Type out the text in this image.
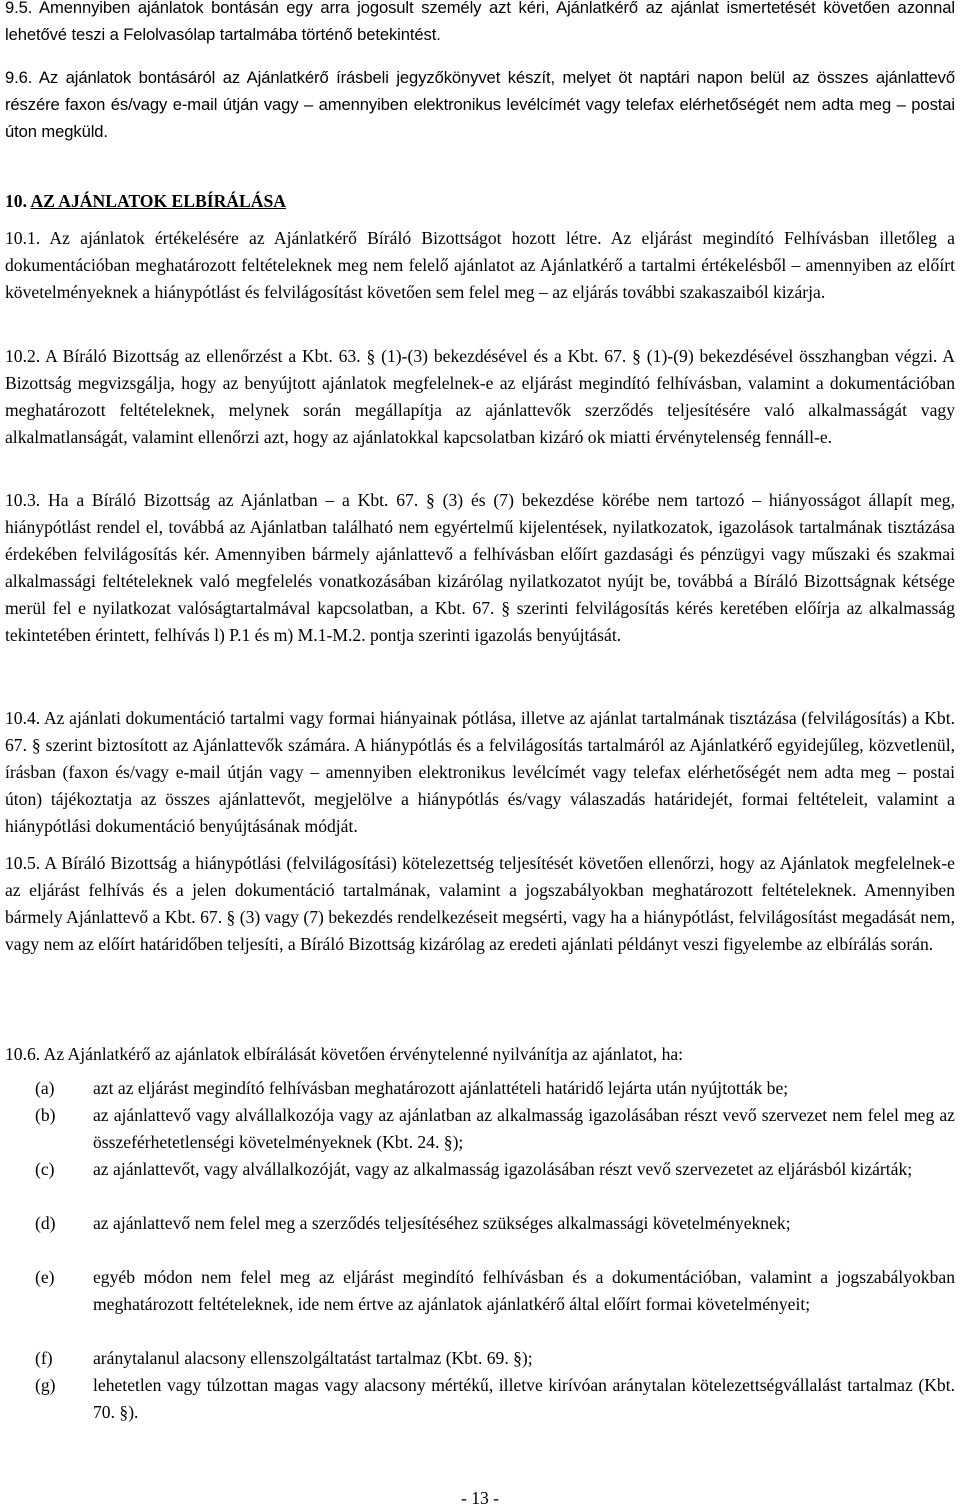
9.5. Amennyiben ajánlatok bontásán egy arra jogosult személy azt kéri, Ajánlatkérő az ajánlat ismertetését követően azonnal lehetővé teszi a Felolvasólap tartalmába történő betekintést.

9.6. Az ajánlatok bontásáról az Ajánlatkérő írásbeli jegyzőkönyvet készít, melyet öt naptári napon belül az összes ajánlattevő részére faxon és/vagy e-mail útján vagy – amennyiben elektronikus levélcímét vagy telefax elérhetőségét nem adta meg – postai úton megküld.

10. AZ AJÁNLATOK ELBÍRÁLÁSA

10.1. Az ajánlatok értékelésére az Ajánlatkérő Bíráló Bizottságot hozott létre. Az eljárást megindító Felhívásban illetőleg a dokumentációban meghatározott feltételeknek meg nem felelő ajánlatot az Ajánlatkérő a tartalmi értékelésből – amennyiben az előírt követelményeknek a hiánypótlást és felvilágosítást követően sem felel meg – az eljárás további szakaszaiból kizárja.

10.2. A Bíráló Bizottság az ellenőrzést a Kbt. 63. § (1)-(3) bekezdésével és a Kbt. 67. § (1)-(9) bekezdésével összhangban végzi. A Bizottság megvizsgálja, hogy az benyújtott ajánlatok megfelelnek-e az eljárást megindító felhívásban, valamint a dokumentációban meghatározott feltételeknek, melynek során megállapítja az ajánlattevők szerződés teljesítésére való alkalmasságát vagy alkalmatlanságát, valamint ellenőrzi azt, hogy az ajánlatokkal kapcsolatban kizáró ok miatti érvénytelenség fennáll-e.

10.3. Ha a Bíráló Bizottság az Ajánlatban – a Kbt. 67. § (3) és (7) bekezdése körébe nem tartozó – hiányosságot állapít meg, hiánypótlást rendel el, továbbá az Ajánlatban található nem egyértelmű kijelentések, nyilatkozatok, igazolások tartalmának tisztázása érdekében felvilágosítás kér. Amennyiben bármely ajánlattevő a felhívásban előírt gazdasági és pénzügyi vagy műszaki és szakmai alkalmassági feltételeknek való megfelelés vonatkozásában kizárólag nyilatkozatot nyújt be, továbbá a Bíráló Bizottságnak kétsége merül fel e nyilatkozat valóságtartalmával kapcsolatban, a Kbt. 67. § szerinti felvilágosítás kérés keretében előírja az alkalmasság tekintetében érintett, felhívás l) P.1 és m) M.1-M.2. pontja szerinti igazolás benyújtását.

10.4. Az ajánlati dokumentáció tartalmi vagy formai hiányainak pótlása, illetve az ajánlat tartalmának tisztázása (felvilágosítás) a Kbt. 67. § szerint biztosított az Ajánlattevők számára. A hiánypótlás és a felvilágosítás tartalmáról az Ajánlatkérő egyidejűleg, közvetlenül, írásban (faxon és/vagy e-mail útján vagy – amennyiben elektronikus levélcímét vagy telefax elérhetőségét nem adta meg – postai úton) tájékoztatja az összes ajánlattevőt, megjelölve a hiánypótlás és/vagy válaszadás határidejét, formai feltételeit, valamint a hiánypótlási dokumentáció benyújtásának módját.

10.5. A Bíráló Bizottság a hiánypótlási (felvilágosítási) kötelezettség teljesítését követően ellenőrzi, hogy az Ajánlatok megfelelnek-e az eljárást felhívás és a jelen dokumentáció tartalmának, valamint a jogszabályokban meghatározott feltételeknek. Amennyiben bármely Ajánlattevő a Kbt. 67. § (3) vagy (7) bekezdés rendelkezéseit megsérti, vagy ha a hiánypótlást, felvilágosítást megadását nem, vagy nem az előírt határidőben teljesíti, a Bíráló Bizottság kizárólag az eredeti ajánlati példányt veszi figyelembe az elbírálás során.

10.6. Az Ajánlatkérő az ajánlatok elbírálását követően érvénytelenné nyilvánítja az ajánlatot, ha:

(a)	azt az eljárást megindító felhívásban meghatározott ajánlattételi határidő lejárta után nyújtották be;
(b)	az ajánlattevő vagy alvállalkozója vagy az ajánlatban az alkalmasság igazolásában részt vevő szervezet nem felel meg az összeférhetetlenségi követelményeknek (Kbt. 24. §);
(c)	az ajánlattevőt, vagy alvállalkozóját, vagy az alkalmasság igazolásában részt vevő szervezetet az eljárásból kizárták;
(d)	az ajánlattevő nem felel meg a szerződés teljesítéséhez szükséges alkalmassági követelményeknek;
(e)	egyéb módon nem felel meg az eljárást megindító felhívásban és a dokumentációban, valamint a jogszabályokban meghatározott feltételeknek, ide nem értve az ajánlatok ajánlatkérő által előírt formai követelményeit;
(f)	aránytalanul alacsony ellenszolgáltatást tartalmaz (Kbt. 69. §);
(g)	lehetetlen vagy túlzottan magas vagy alacsony mértékű, illetve kirívóan aránytalan kötelezettségvállalást tartalmaz (Kbt. 70. §).
- 13 -
